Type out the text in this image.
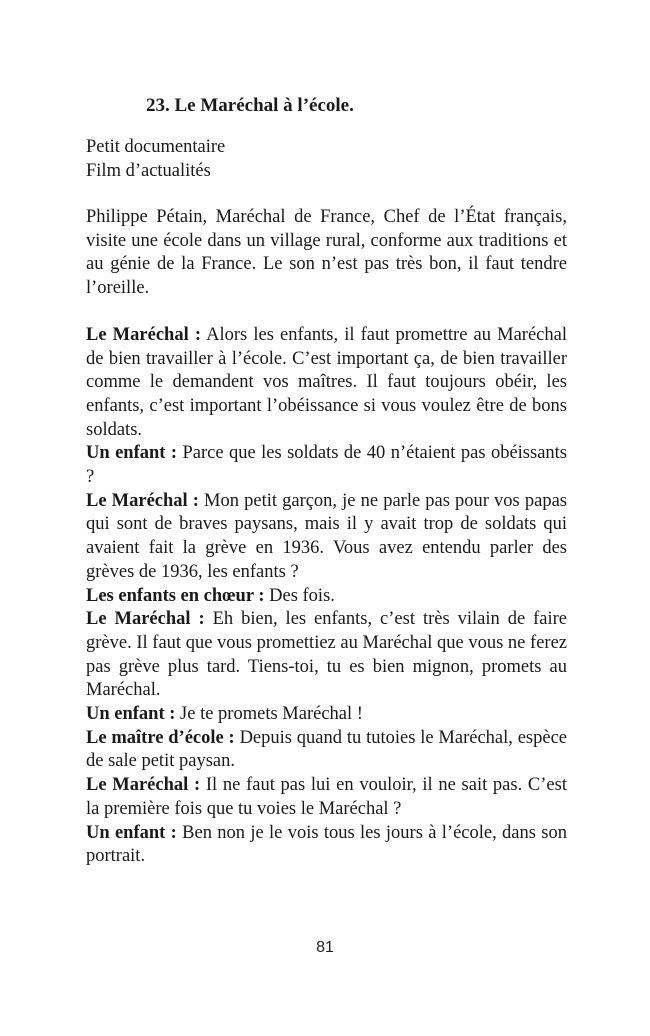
23. Le Maréchal à l’école.
Petit documentaire
Film d’actualités
Philippe Pétain, Maréchal de France, Chef de l’État français, visite une école dans un village rural, conforme aux traditions et au génie de la France. Le son n’est pas très bon, il faut tendre l’oreille.

Le Maréchal : Alors les enfants, il faut promettre au Maréchal de bien travailler à l’école. C’est important ça, de bien travailler comme le demandent vos maîtres. Il faut toujours obéir, les enfants, c’est important l’obéissance si vous voulez être de bons soldats.

Un enfant : Parce que les soldats de 40 n’étaient pas obéissants ?

Le Maréchal : Mon petit garçon, je ne parle pas pour vos papas qui sont de braves paysans, mais il y avait trop de soldats qui avaient fait la grève en 1936. Vous avez entendu parler des grèves de 1936, les enfants ?

Les enfants en chœur : Des fois.

Le Maréchal : Eh bien, les enfants, c’est très vilain de faire grève. Il faut que vous promettiez au Maréchal que vous ne ferez pas grève plus tard. Tiens-toi, tu es bien mignon, promets au Maréchal.

Un enfant : Je te promets Maréchal !

Le maître d’école : Depuis quand tu tutoies le Maréchal, espèce de sale petit paysan.

Le Maréchal : Il ne faut pas lui en vouloir, il ne sait pas. C’est la première fois que tu voies le Maréchal ?

Un enfant : Ben non je le vois tous les jours à l’école, dans son portrait.

81
